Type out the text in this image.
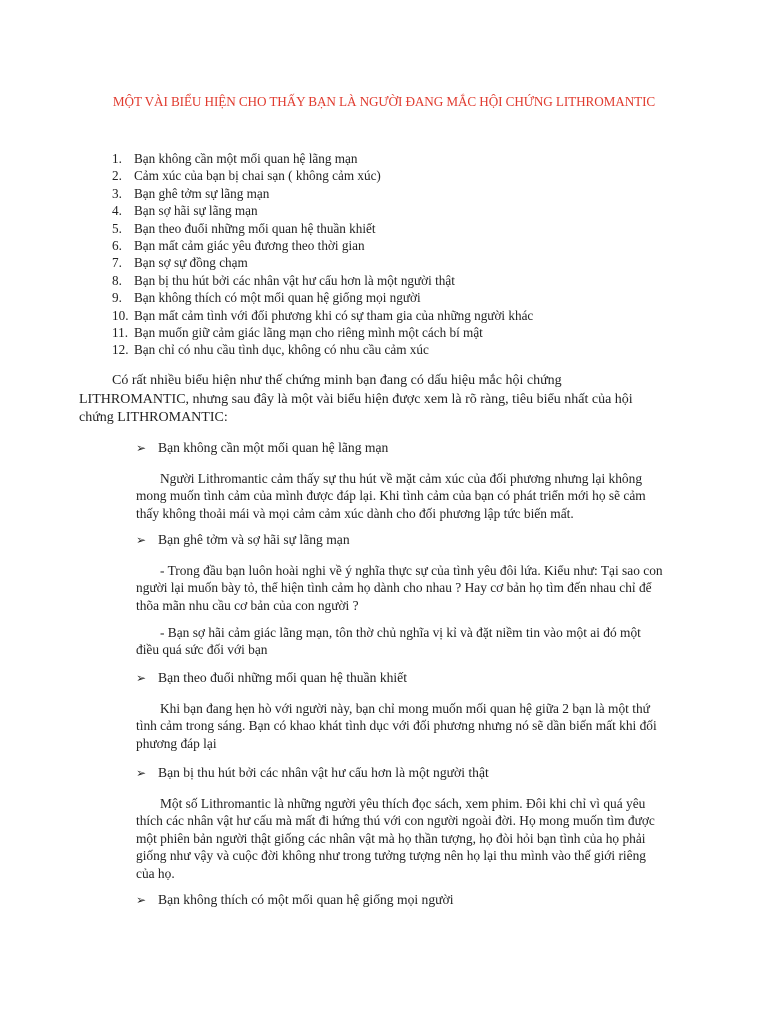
MỘT VÀI BIỂU HIỆN CHO THẤY BẠN LÀ NGƯỜI ĐANG MẮC HỘI CHỨNG LITHROMANTIC
1. Bạn không cần một mối quan hệ lãng mạn
2. Cảm xúc của bạn bị chai sạn ( không cảm xúc)
3. Bạn ghê tởm sự lãng mạn
4. Bạn sợ hãi sự lãng mạn
5. Bạn theo đuổi những mối quan hệ thuần khiết
6. Bạn mất cảm giác yêu đương theo thời gian
7. Bạn sợ sự đồng chạm
8. Bạn bị thu hút bởi các nhân vật hư cấu hơn là một người thật
9. Bạn không thích có một mối quan hệ giống mọi người
10. Bạn mất cảm tình với đối phương khi có sự tham gia của những người khác
11. Bạn muốn giữ cảm giác lãng mạn cho riêng mình một cách bí mật
12. Bạn chỉ có nhu cầu tình dục, không có nhu cầu cảm xúc
Có rất nhiều biểu hiện như thế chứng minh bạn đang có dấu hiệu mắc hội chứng
LITHROMANTIC, nhưng sau đây là một vài biểu hiện được xem là rõ ràng, tiêu biểu nhất của hội
chứng LITHROMANTIC:
➢ Bạn không cần một mối quan hệ lãng mạn
Người Lithromantic cảm thấy sự thu hút về mặt cảm xúc của đối phương nhưng lại không
mong muốn tình cảm của mình được đáp lại. Khi tình cảm của bạn có phát triển mới họ sẽ cảm
thấy không thoải mái và mọi cảm cảm xúc dành cho đối phương lập tức biến mất.
➢ Bạn ghê tởm và sợ hãi sự lãng mạn
- Trong đầu bạn luôn hoài nghi về ý nghĩa thực sự của tình yêu đôi lứa. Kiểu như: Tại sao con
người lại muốn bày tỏ, thể hiện tình cảm họ dành cho nhau ? Hay cơ bản họ tìm đến nhau chỉ để
thõa mãn nhu cầu cơ bản của con người ?
- Bạn sợ hãi cảm giác lãng mạn, tôn thờ chủ nghĩa vị kỉ và đặt niềm tin vào một ai đó một
điều quá sức đối với bạn
➢ Bạn theo đuổi những mối quan hệ thuần khiết
Khi bạn đang hẹn hò với người này, bạn chỉ mong muốn mối quan hệ giữa 2 bạn là một thứ
tình cảm trong sáng. Bạn có khao khát tình dục với đối phương nhưng nó sẽ dần biến mất khi đối
phương đáp lại
➢ Bạn bị thu hút bởi các nhân vật hư cấu hơn là một người thật
Một số Lithromantic là những người yêu thích đọc sách, xem phim. Đôi khi chỉ vì quá yêu
thích các nhân vật hư cấu mà mất đi hứng thú với con người ngoài đời. Họ mong muốn tìm được
một phiên bản người thật giống các nhân vật mà họ thần tượng, họ đòi hỏi bạn tình của họ phải
giống như vậy và cuộc đời không như trong tưởng tượng nên họ lại thu mình vào thế giới riêng
của họ.
➢ Bạn không thích có một mối quan hệ giống mọi người
